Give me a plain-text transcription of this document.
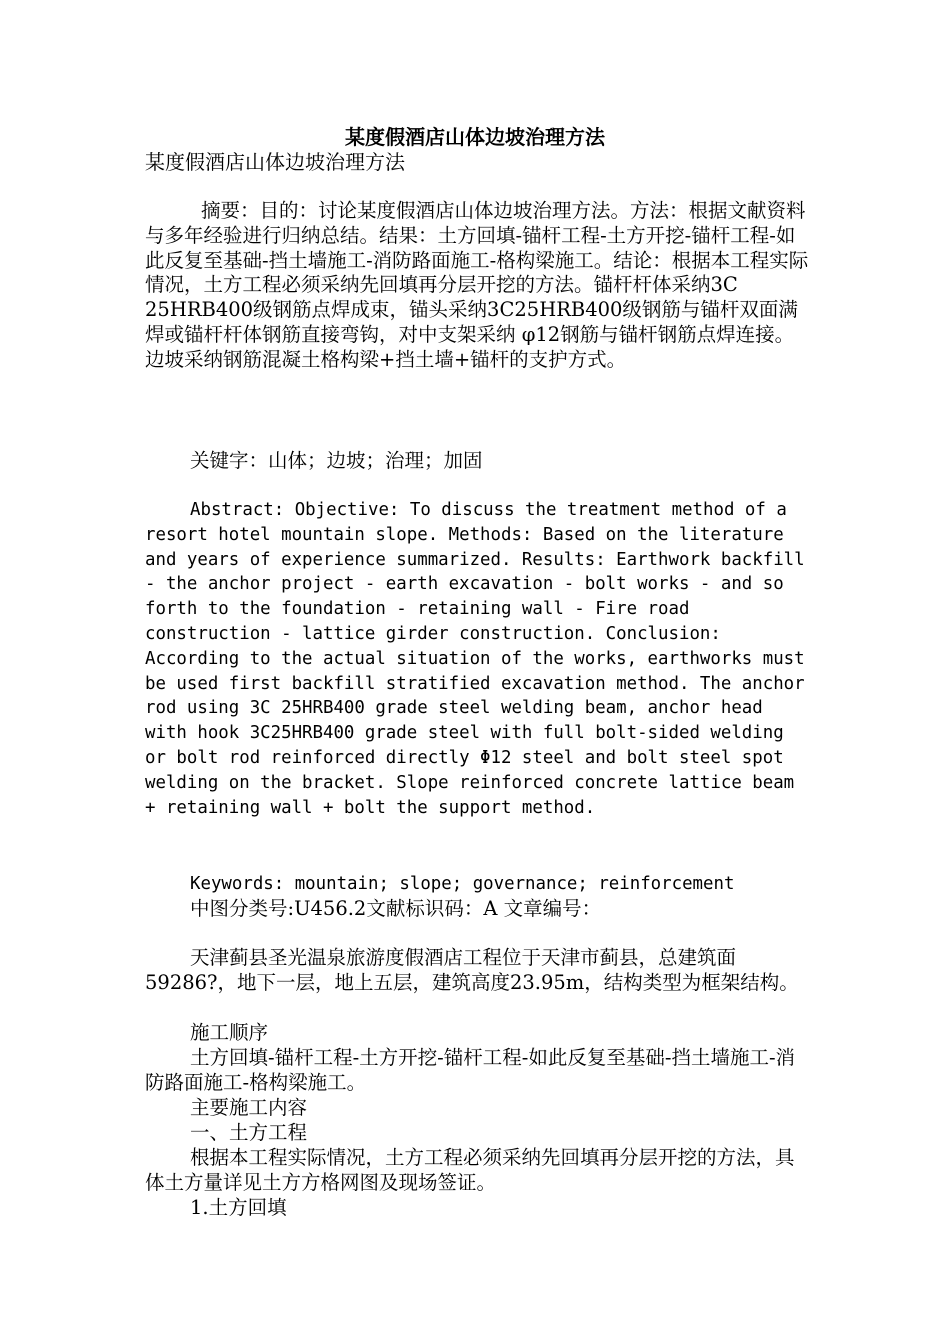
某度假酒店山体边坡治理方法
某度假酒店山体边坡治理方法
摘要：目的：讨论某度假酒店山体边坡治理方法。方法：根据文献资料与多年经验进行归纳总结。结果：土方回填-锚杆工程-土方开挖-锚杆工程-如此反复至基础-挡土墙施工-消防路面施工-格构梁施工。结论：根据本工程实际情况，土方工程必须采纳先回填再分层开挖的方法。锚杆杆体采纳3C 25HRB400级钢筋点焊成束，锚头采纳3C25HRB400级钢筋与锚杆双面满焊或锚杆杆体钢筋直接弯钩，对中支架采纳 φ12钢筋与锚杆钢筋点焊连接。边坡采纳钢筋混凝土格构梁+挡土墙+锚杆的支护方式。
关键字：山体；边坡；治理；加固
Abstract: Objective: To discuss the treatment method of a resort hotel mountain slope. Methods: Based on the literature and years of experience summarized. Results: Earthwork backfill - the anchor project - earth excavation - bolt works - and so forth to the foundation - retaining wall - Fire road construction - lattice girder construction. Conclusion: According to the actual situation of the works, earthworks must be used first backfill stratified excavation method. The anchor rod using 3C 25HRB400 grade steel welding beam, anchor head with hook 3C25HRB400 grade steel with full bolt-sided welding or bolt rod reinforced directly Φ12 steel and bolt steel spot welding on the bracket. Slope reinforced concrete lattice beam + retaining wall + bolt the support method.
Keywords: mountain; slope; governance; reinforcement
中图分类号:U456.2文献标识码：A 文章编号：
天津蓟县圣光温泉旅游度假酒店工程位于天津市蓟县，总建筑面59286?，地下一层，地上五层，建筑高度23.95m，结构类型为框架结构。
施工顺序
土方回填-锚杆工程-土方开挖-锚杆工程-如此反复至基础-挡土墙施工-消防路面施工-格构梁施工。
主要施工内容
一、土方工程
根据本工程实际情况，土方工程必须采纳先回填再分层开挖的方法，具体土方量详见土方方格网图及现场签证。
1.土方回填
